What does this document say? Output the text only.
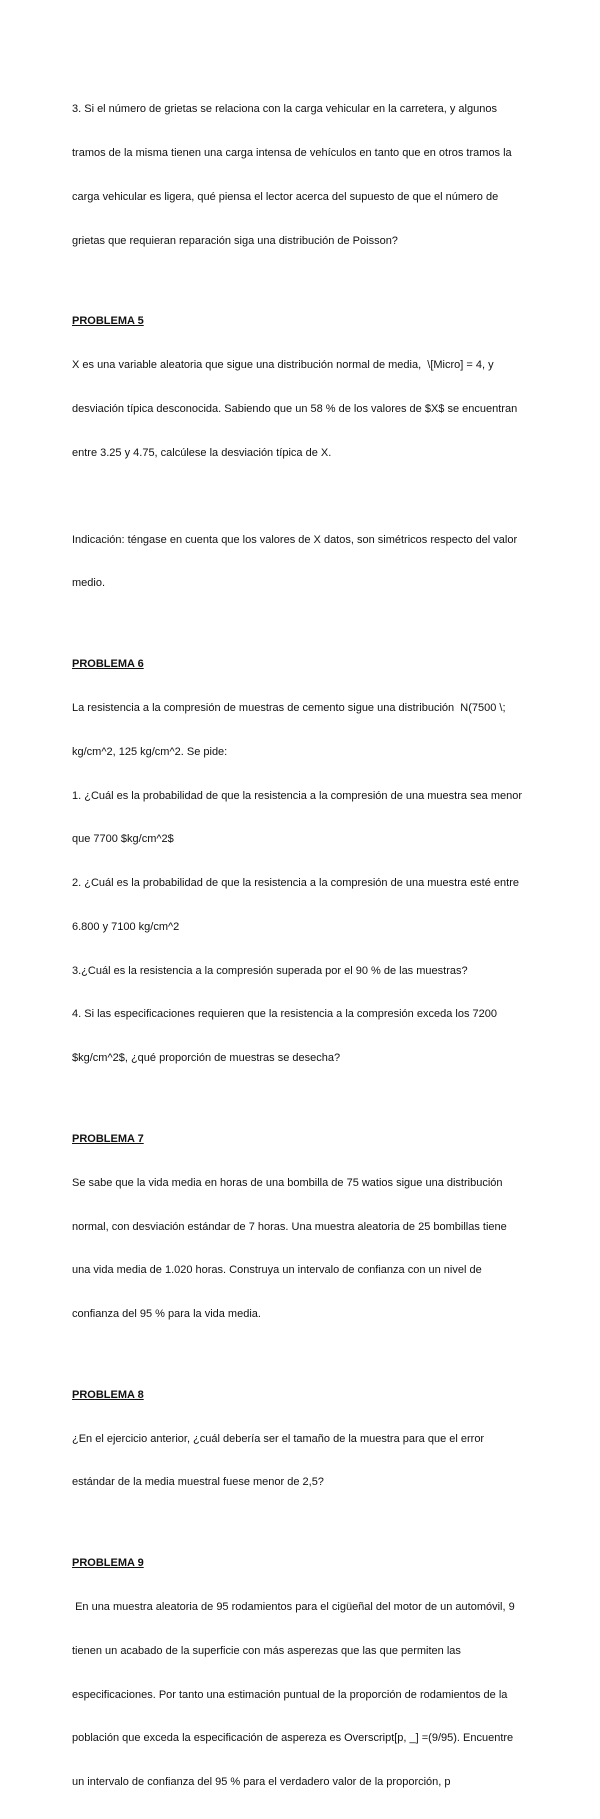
3. Si el número de grietas se relaciona con la carga vehicular en la carretera, y algunos

tramos de la misma tienen una carga intensa de vehículos en tanto que en otros tramos la

carga vehicular es ligera, qué piensa el lector acerca del supuesto de que el número de

grietas que requieran reparación siga una distribución de Poisson?

PROBLEMA 5

X es una variable aleatoria que sigue una distribución normal de media,  \[Micro] = 4, y

desviación típica desconocida. Sabiendo que un 58 % de los valores de $X$ se encuentran

entre 3.25 y 4.75, calcúlese la desviación típica de X.

Indicación: téngase en cuenta que los valores de X datos, son simétricos respecto del valor

medio.

PROBLEMA 6

La resistencia a la compresión de muestras de cemento sigue una distribución  N(7500 \;

kg/cm^2, 125 kg/cm^2. Se pide:

1. ¿Cuál es la probabilidad de que la resistencia a la compresión de una muestra sea menor

que 7700 $kg/cm^2$

2. ¿Cuál es la probabilidad de que la resistencia a la compresión de una muestra esté entre

6.800 y 7100 kg/cm^2

3.¿Cuál es la resistencia a la compresión superada por el 90 % de las muestras?

4. Si las especificaciones requieren que la resistencia a la compresión exceda los 7200

$kg/cm^2$, ¿qué proporción de muestras se desecha?

PROBLEMA 7

Se sabe que la vida media en horas de una bombilla de 75 watios sigue una distribución

normal, con desviación estándar de 7 horas. Una muestra aleatoria de 25 bombillas tiene

una vida media de 1.020 horas. Construya un intervalo de confianza con un nivel de

confianza del 95 % para la vida media.

PROBLEMA 8

¿En el ejercicio anterior, ¿cuál debería ser el tamaño de la muestra para que el error

estándar de la media muestral fuese menor de 2,5?

PROBLEMA 9

En una muestra aleatoria de 95 rodamientos para el cigüeñal del motor de un automóvil, 9

tienen un acabado de la superficie con más asperezas que las que permiten las

especificaciones. Por tanto una estimación puntual de la proporción de rodamientos de la

población que exceda la especificación de aspereza es Overscript[p, _] =(9/95). Encuentre

un intervalo de confianza del 95 % para el verdadero valor de la proporción, p
